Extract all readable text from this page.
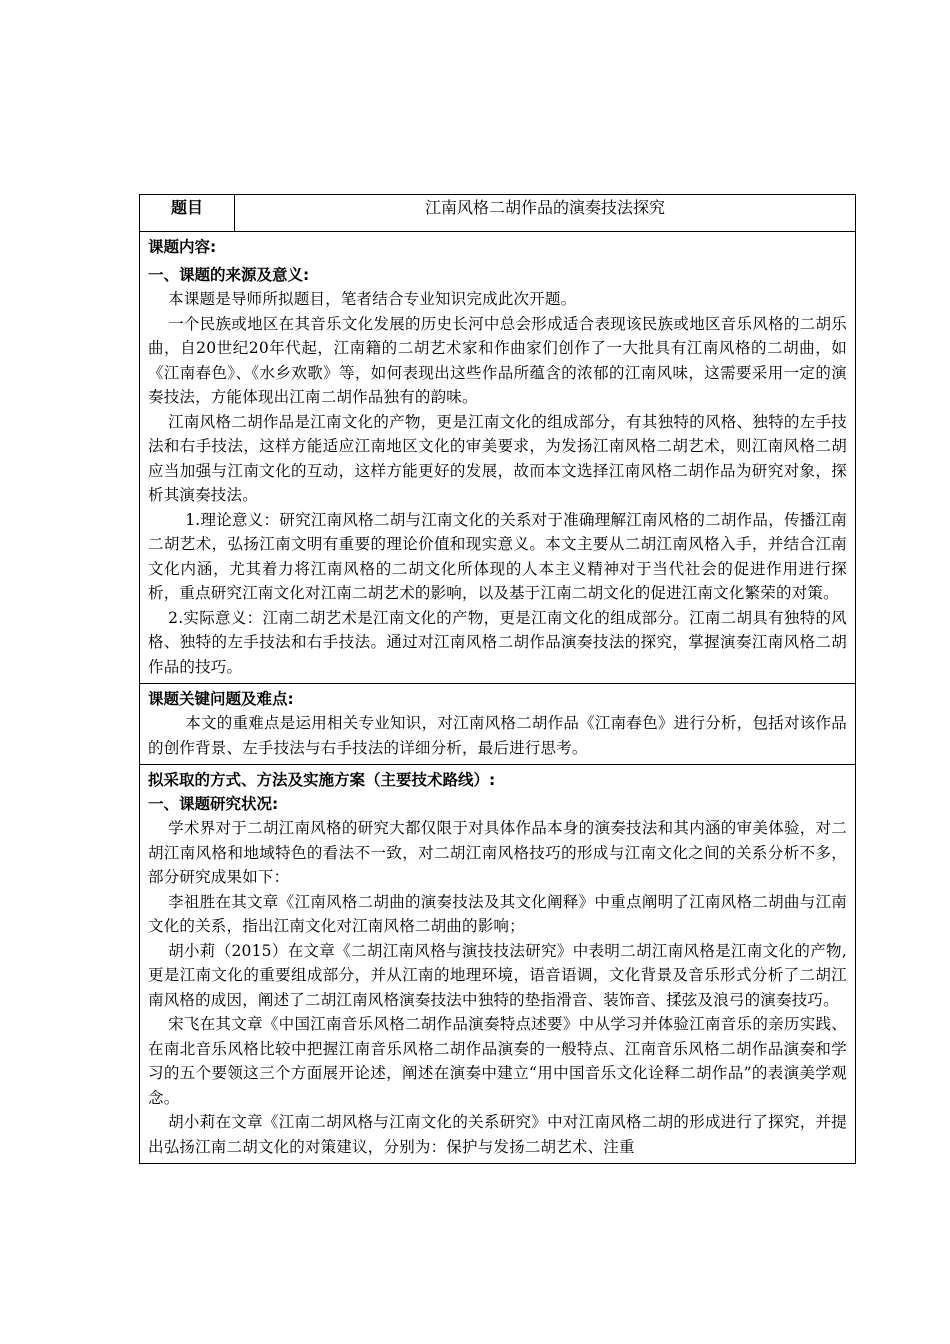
题目	江南风格二胡作品的演奏技法探究

课题内容:

一、课题的来源及意义:

本课题是导师所拟题目，笔者结合专业知识完成此次开题。

一个民族或地区在其音乐文化发展的历史长河中总会形成适合表现该民族或地区音乐风格的二胡乐曲，自20世纪20年代起，江南籍的二胡艺术家和作曲家们创作了一大批具有江南风格的二胡曲，如《江南春色》、《水乡欢歌》等，如何表现出这些作品所蕴含的浓郁的江南风味，这需要采用一定的演奏技法，方能体现出江南二胡作品独有的韵味。

江南风格二胡作品是江南文化的产物，更是江南文化的组成部分，有其独特的风格、独特的左手技法和右手技法，这样方能适应江南地区文化的审美要求，为发扬江南风格二胡艺术，则江南风格二胡应当加强与江南文化的互动，这样方能更好的发展，故而本文选择江南风格二胡作品为研究对象，探析其演奏技法。

1.理论意义：研究江南风格二胡与江南文化的关系对于准确理解江南风格的二胡作品，传播江南二胡艺术，弘扬江南文明有重要的理论价值和现实意义。本文主要从二胡江南风格入手，并结合江南文化内涵，尤其着力将江南风格的二胡文化所体现的人本主义精神对于当代社会的促进作用进行探析，重点研究江南文化对江南二胡艺术的影响，以及基于江南二胡文化的促进江南文化繁荣的对策。

2.实际意义：江南二胡艺术是江南文化的产物，更是江南文化的组成部分。江南二胡具有独特的风格、独特的左手技法和右手技法。通过对江南风格二胡作品演奏技法的探究，掌握演奏江南风格二胡作品的技巧。

课题关键问题及难点:

本文的重难点是运用相关专业知识，对江南风格二胡作品《江南春色》进行分析，包括对该作品的创作背景、左手技法与右手技法的详细分析，最后进行思考。

拟采取的方式、方法及实施方案（主要技术路线）:

一、课题研究状况:

学术界对于二胡江南风格的研究大都仅限于对具体作品本身的演奏技法和其内涵的审美体验，对二胡江南风格和地域特色的看法不一致，对二胡江南风格技巧的形成与江南文化之间的关系分析不多，部分研究成果如下：

李祖胜在其文章《江南风格二胡曲的演奏技法及其文化阐释》中重点阐明了江南风格二胡曲与江南文化的关系，指出江南文化对江南风格二胡曲的影响；

胡小莉（2015）在文章《二胡江南风格与演技技法研究》中表明二胡江南风格是江南文化的产物,更是江南文化的重要组成部分，并从江南的地理环境，语音语调，文化背景及音乐形式分析了二胡江南风格的成因，阐述了二胡江南风格演奏技法中独特的垫指滑音、装饰音、揉弦及浪弓的演奏技巧。

宋飞在其文章《中国江南音乐风格二胡作品演奏特点述要》中从学习并体验江南音乐的亲历实践、在南北音乐风格比较中把握江南音乐风格二胡作品演奏的一般特点、江南音乐风格二胡作品演奏和学习的五个要领这三个方面展开论述，阐述在演奏中建立“用中国音乐文化诠释二胡作品”的表演美学观念。

胡小莉在文章《江南二胡风格与江南文化的关系研究》中对江南风格二胡的形成进行了探究，并提出弘扬江南二胡文化的对策建议，分别为：保护与发扬二胡艺术、注重
